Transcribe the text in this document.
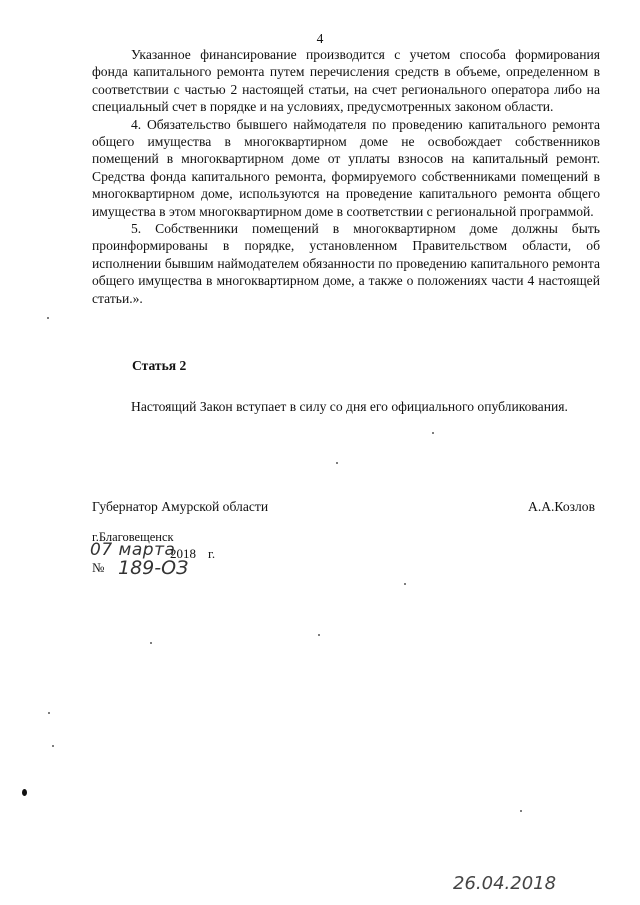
4

Указанное финансирование производится с учетом способа формирования фонда капитального ремонта путем перечисления средств в объеме, определенном в соответствии с частью 2 настоящей статьи, на счет регионального оператора либо на специальный счет в порядке и на условиях, предусмотренных законом области.

4. Обязательство бывшего наймодателя по проведению капитального ремонта общего имущества в многоквартирном доме не освобождает собственников помещений в многоквартирном доме от уплаты взносов на капитальный ремонт. Средства фонда капитального ремонта, формируемого собственниками помещений в многоквартирном доме, используются на проведение капитального ремонта общего имущества в этом многоквартирном доме в соответствии с региональной программой.

5. Собственники помещений в многоквартирном доме должны быть проинформированы в порядке, установленном Правительством области, об исполнении бывшим наймодателем обязанности по проведению капитального ремонта общего имущества в многоквартирном доме, а также о положениях части 4 настоящей статьи.».

Статья 2

Настоящий Закон вступает в силу со дня его официального опубликования.

Губернатор Амурской области	А.А.Козлов
г.Благовещенск
07 марта
2018 г.
№ 189-ОЗ
26.04.2018
